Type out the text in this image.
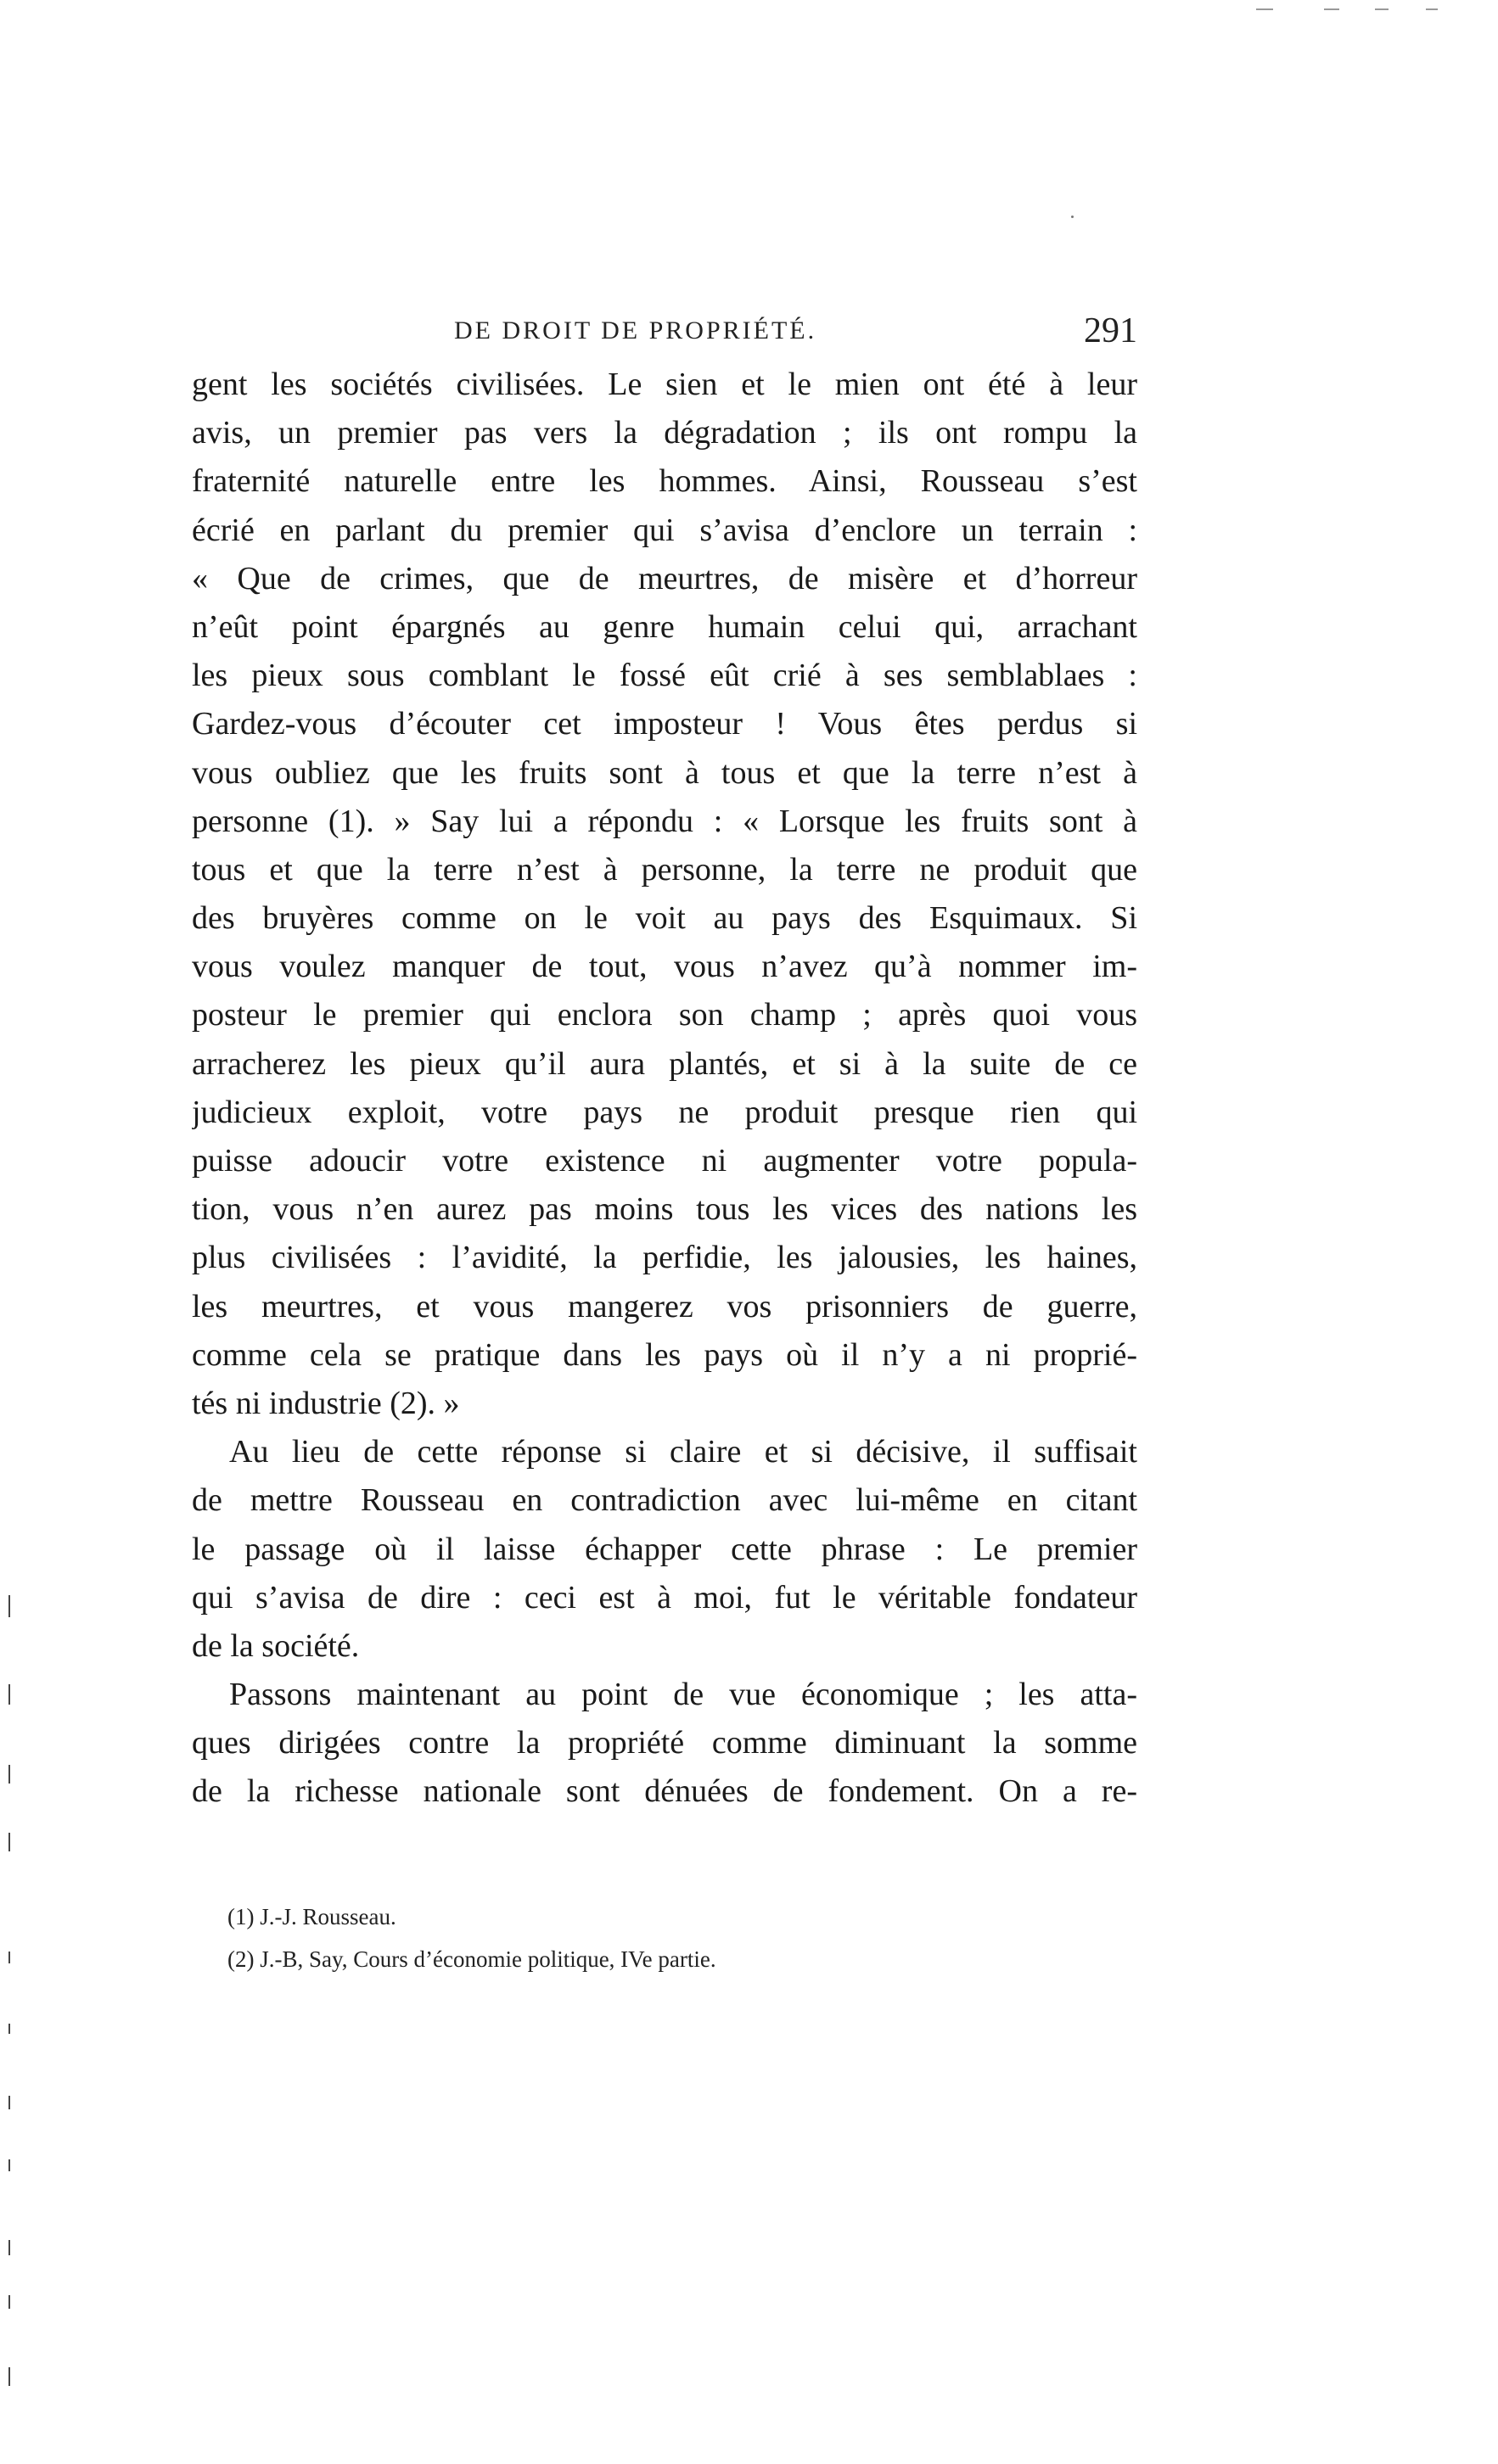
DE DROIT DE PROPRIÉTÉ.	291
gent les sociétés civilisées. Le sien et le mien ont été à leur
avis, un premier pas vers la dégradation ; ils ont rompu la
fraternité naturelle entre les hommes. Ainsi, Rousseau s’est
écrié en parlant du premier qui s’avisa d’enclore un terrain :
« Que de crimes, que de meurtres, de misère et d’horreur
n’eût point épargnés au genre humain celui qui, arrachant
les pieux sous comblant le fossé eût crié à ses semblablaes :
Gardez-vous d’écouter cet imposteur ! Vous êtes perdus si
vous oubliez que les fruits sont à tous et que la terre n’est à
personne (1). » Say lui a répondu : « Lorsque les fruits sont à
tous et que la terre n’est à personne, la terre ne produit que
des bruyères comme on le voit au pays des Esquimaux. Si
vous voulez manquer de tout, vous n’avez qu’à nommer im-
posteur le premier qui enclora son champ ; après quoi vous
arracherez les pieux qu’il aura plantés, et si à la suite de ce
judicieux exploit, votre pays ne produit presque rien qui
puisse adoucir votre existence ni augmenter votre popula-
tion, vous n’en aurez pas moins tous les vices des nations les
plus civilisées : l’avidité, la perfidie, les jalousies, les haines,
les meurtres, et vous mangerez vos prisonniers de guerre,
comme cela se pratique dans les pays où il n’y a ni proprié-
tés ni industrie (2). »
Au lieu de cette réponse si claire et si décisive, il suffisait
de mettre Rousseau en contradiction avec lui-même en citant
le passage où il laisse échapper cette phrase : Le premier
qui s’avisa de dire : ceci est à moi, fut le véritable fondateur
de la société.
Passons maintenant au point de vue économique ; les atta-
ques dirigées contre la propriété comme diminuant la somme
de la richesse nationale sont dénuées de fondement. On a re-
(1) J.-J. Rousseau.
(2) J.-B, Say, Cours d’économie politique, IVe partie.
